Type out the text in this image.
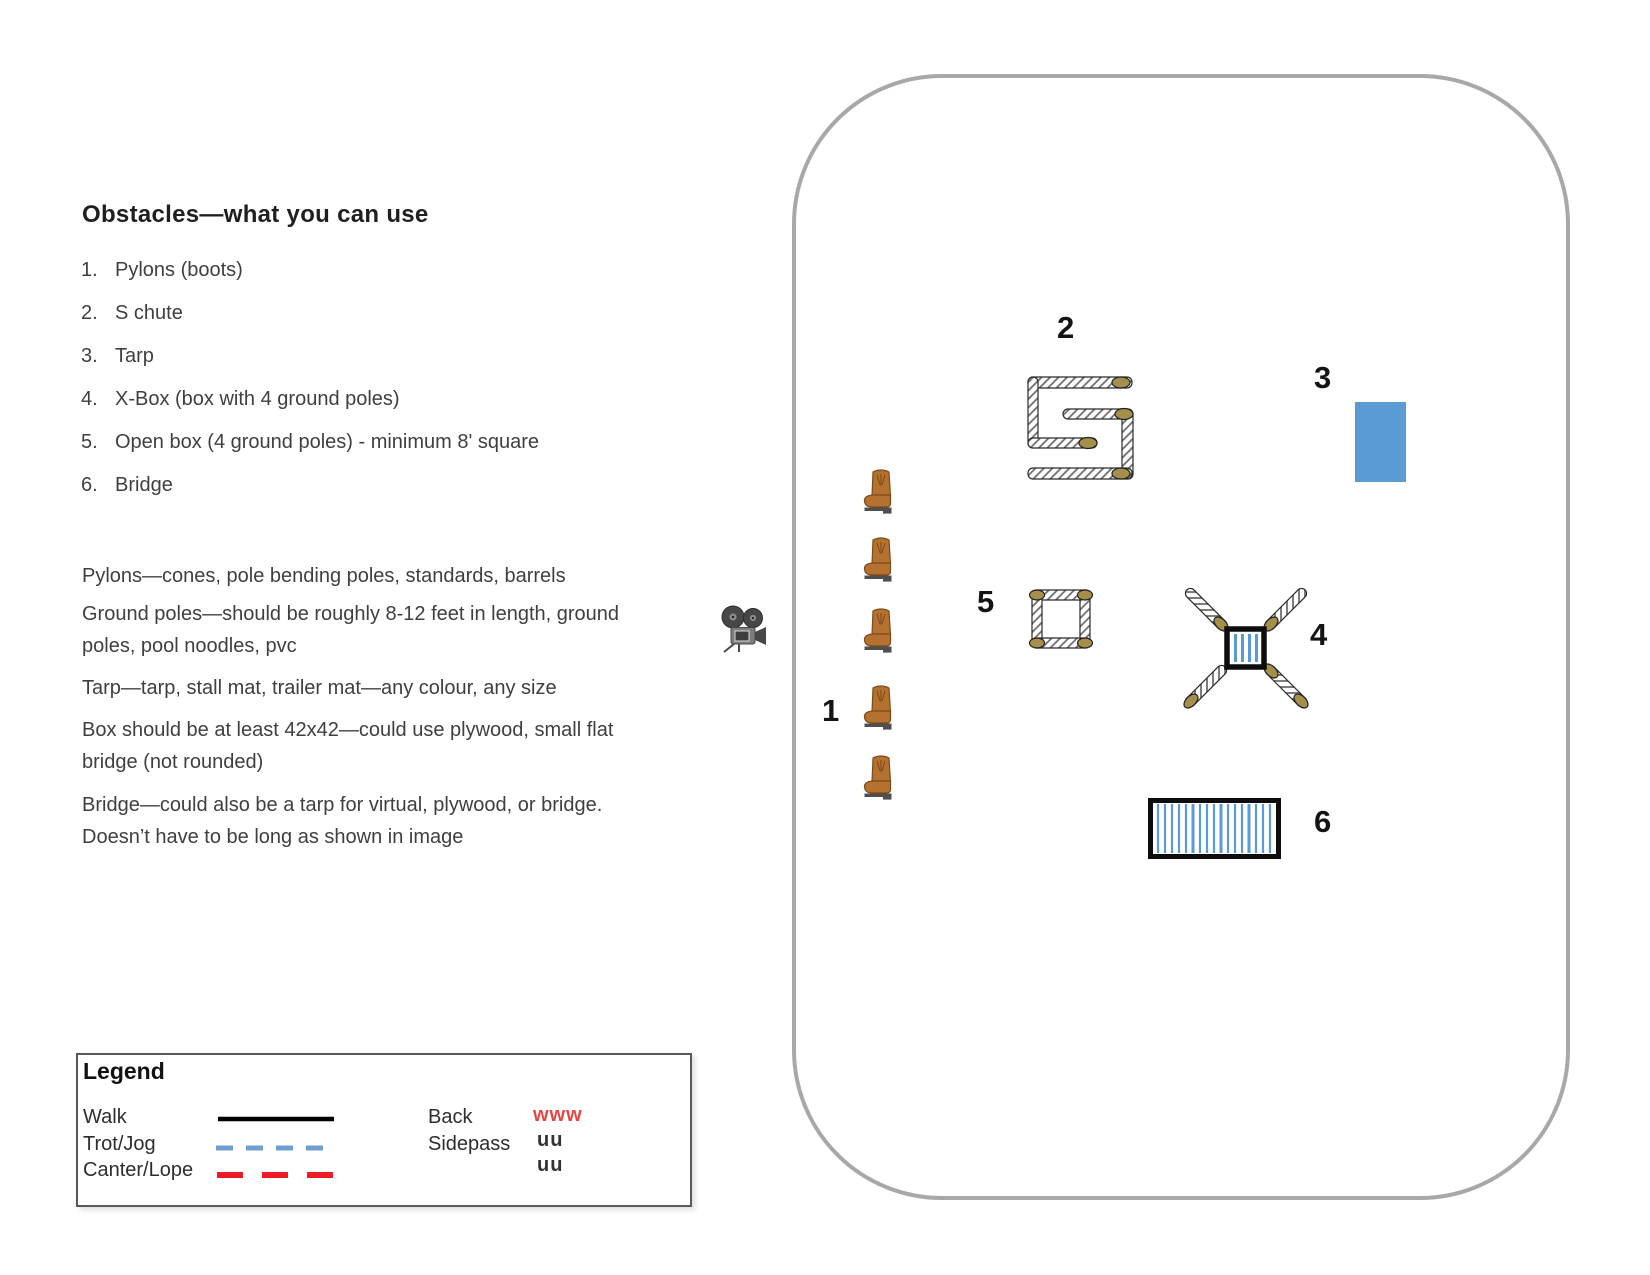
Obstacles—what you can use
1. Pylons (boots)
2. S chute
3. Tarp
4. X-Box (box with 4 ground poles)
5. Open box (4 ground poles) - minimum 8' square
6. Bridge
Pylons—cones, pole bending poles, standards, barrels
Ground poles—should be roughly 8-12 feet in length, ground poles, pool noodles, pvc
Tarp—tarp, stall mat, trailer mat—any colour, any size
Box should be at least 42x42—could use plywood, small flat bridge (not rounded)
Bridge—could also be a tarp for virtual, plywood, or bridge. Doesn’t have to be long as shown in image
Legend
Walk
Trot/Jog
Canter/Lope
Back	www
Sidepass uu
uu
1
2
3
4
5
6
